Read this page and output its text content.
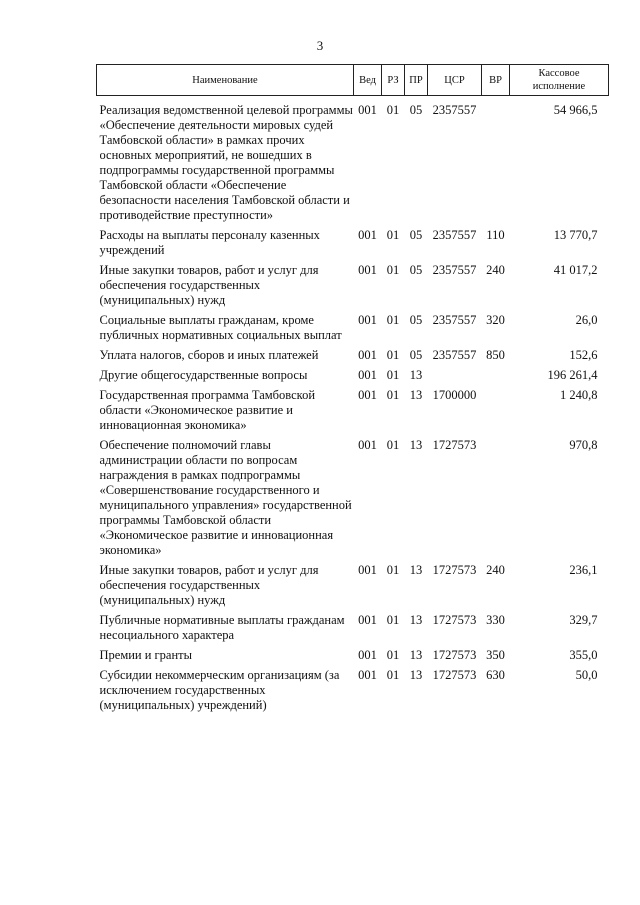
3
Наименование	Вед	РЗ	ПР	ЦСР	ВР	Кассовое исполнение
Реализация ведомственной целевой программы «Обеспечение деятельности мировых судей Тамбовской области» в рамках прочих основных мероприятий, не вошедших в подпрограммы государственной программы Тамбовской области «Обеспечение безопасности населения Тамбовской области и противодействие преступности»	001	01	05	2357557		54 966,5
Расходы на выплаты персоналу казенных учреждений	001	01	05	2357557	110	13 770,7
Иные закупки товаров, работ и услуг для обеспечения государственных (муниципальных) нужд	001	01	05	2357557	240	41 017,2
Социальные выплаты гражданам, кроме публичных нормативных социальных выплат	001	01	05	2357557	320	26,0
Уплата налогов, сборов и иных платежей	001	01	05	2357557	850	152,6
Другие общегосударственные вопросы	001	01	13			196 261,4
Государственная программа Тамбовской области «Экономическое развитие и инновационная экономика»	001	01	13	1700000		1 240,8
Обеспечение полномочий главы администрации области по вопросам награждения в рамках подпрограммы «Совершенствование государственного и муниципального управления» государственной программы Тамбовской области «Экономическое развитие и инновационная экономика»	001	01	13	1727573		970,8
Иные закупки товаров, работ и услуг для обеспечения государственных (муниципальных) нужд	001	01	13	1727573	240	236,1
Публичные нормативные выплаты гражданам несоциального характера	001	01	13	1727573	330	329,7
Премии и гранты	001	01	13	1727573	350	355,0
Субсидии некоммерческим организациям (за исключением государственных (муниципальных) учреждений)	001	01	13	1727573	630	50,0
